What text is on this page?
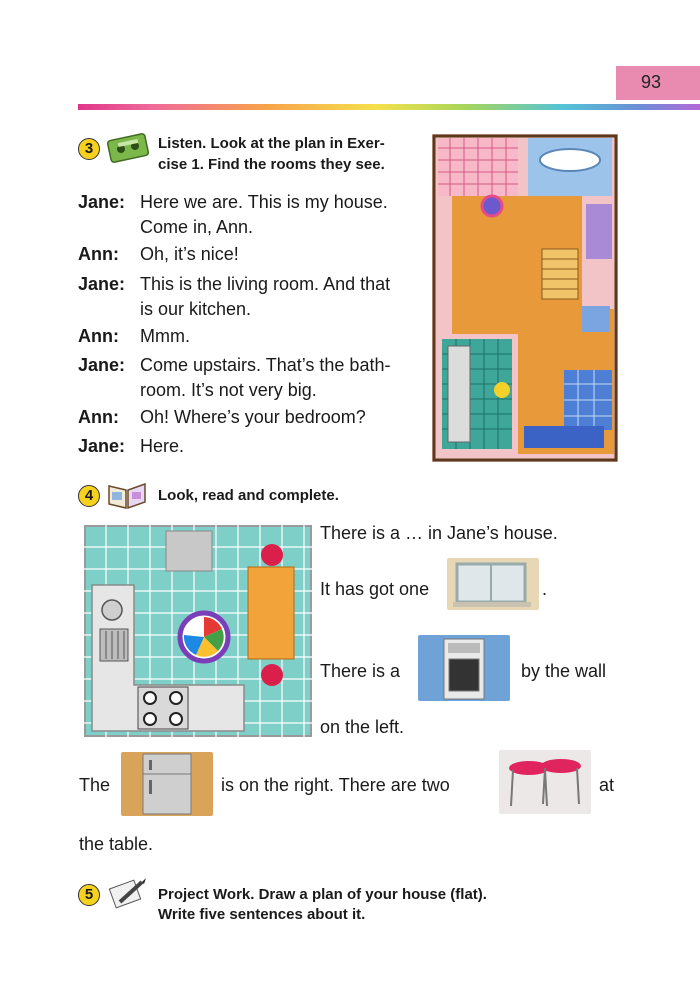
93
3	Listen. Look at the plan in Exer-
cise 1. Find the rooms they see.
Jane: Here we are. This is my house.
Come in, Ann.
Ann: Oh, it’s nice!
Jane: This is the living room. And that
is our kitchen.
Ann: Mmm.
Jane: Come upstairs. That’s the bath-
room. It’s not very big.
Ann: Oh! Where’s your bedroom?
Jane: Here.
4	Look, read and complete.
There is a … in Jane’s house.
It has got one	.
There is a	by the wall
on the left.
The	is on the right. There are two	at
the table.
5	Project Work. Draw a plan of your house (flat).
Write five sentences about it.
